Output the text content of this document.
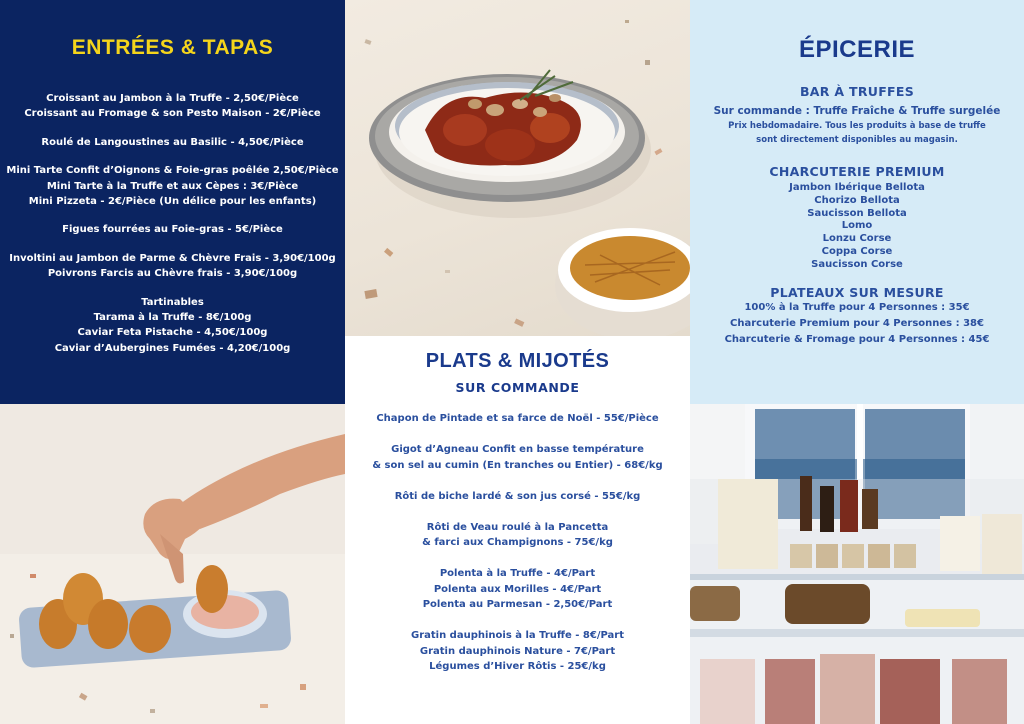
ENTRÉES & TAPAS
Croissant au Jambon à la Truffe - 2,50€/Pièce
Croissant au Fromage & son Pesto Maison - 2€/Pièce
Roulé de Langoustines au Basilic - 4,50€/Pièce
Mini Tarte Confit d’Oignons & Foie-gras poêlée 2,50€/Pièce
Mini Tarte à la Truffe et aux Cèpes : 3€/Pièce
Mini Pizzeta - 2€/Pièce (Un délice pour les enfants)
Figues fourrées au Foie-gras - 5€/Pièce
Involtini au Jambon de Parme & Chèvre Frais - 3,90€/100g
Poivrons Farcis au Chèvre frais - 3,90€/100g
Tartinables
Tarama à la Truffe - 8€/100g
Caviar Feta Pistache - 4,50€/100g
Caviar d’Aubergines Fumées - 4,20€/100g
ÉPICERIE
BAR À TRUFFES
Sur commande : Truffe Fraîche & Truffe surgelée
Prix hebdomadaire. Tous les produits à base de truffe
sont directement disponibles au magasin.
CHARCUTERIE PREMIUM
Jambon Ibérique Bellota
Chorizo Bellota
Saucisson Bellota
Lomo
Lonzu Corse
Coppa Corse
Saucisson Corse
PLATEAUX SUR MESURE
100% à la Truffe pour 4 Personnes : 35€
Charcuterie Premium pour 4 Personnes : 38€
Charcuterie & Fromage pour 4 Personnes : 45€
PLATS & MIJOTÉS
SUR COMMANDE
Chapon de Pintade et sa farce de Noël - 55€/Pièce
Gigot d’Agneau Confit en basse température
& son sel au cumin (En tranches ou Entier) - 68€/kg
Rôti de biche lardé & son jus corsé - 55€/kg
Rôti de Veau roulé à la Pancetta
& farci aux Champignons - 75€/kg
Polenta à la Truffe - 4€/Part
Polenta aux Morilles - 4€/Part
Polenta au Parmesan - 2,50€/Part
Gratin dauphinois à la Truffe - 8€/Part
Gratin dauphinois Nature - 7€/Part
Légumes d’Hiver Rôtis - 25€/kg
